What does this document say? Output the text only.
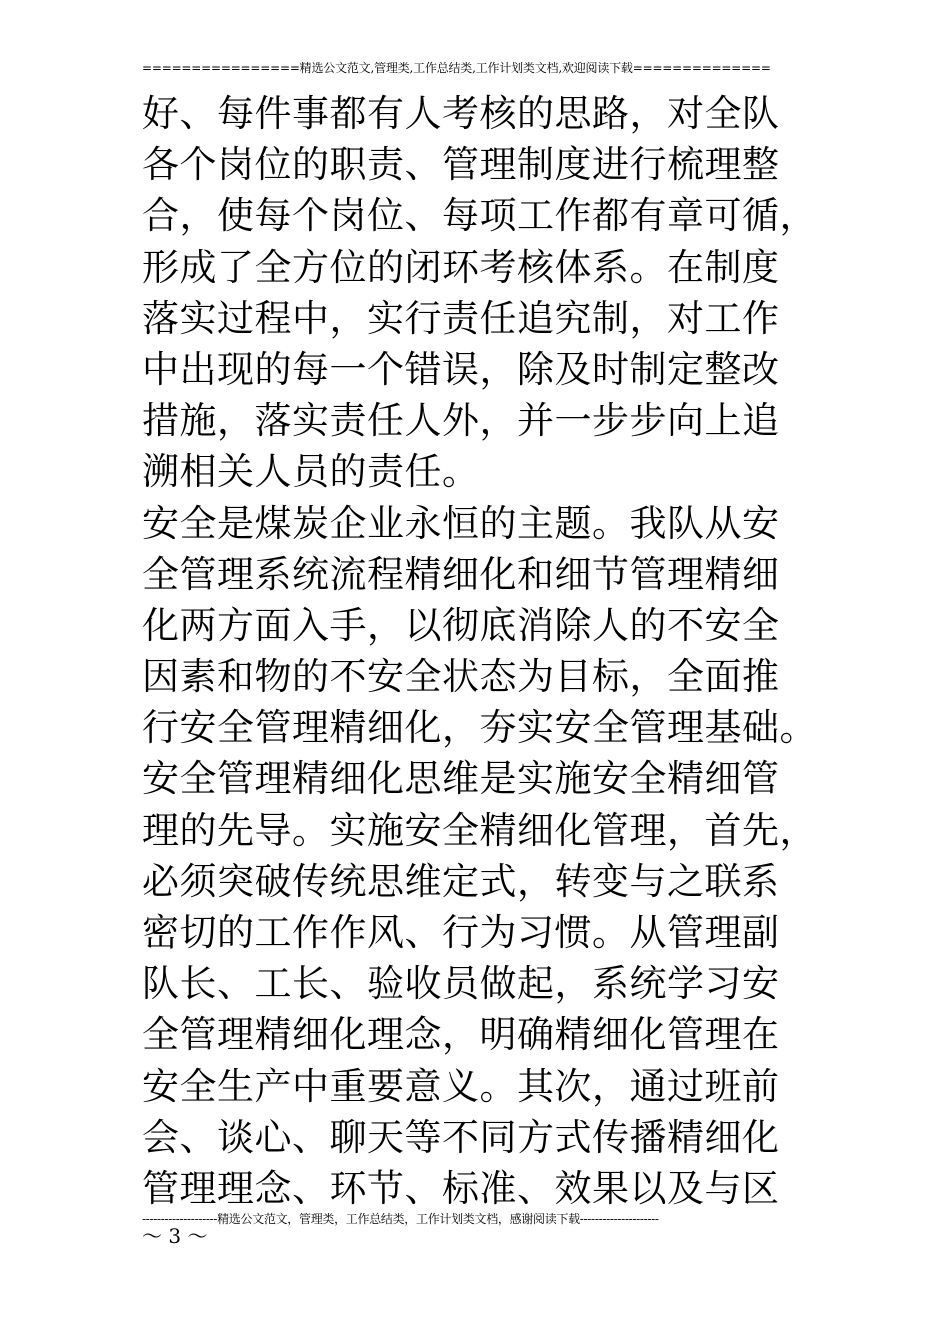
================精选公文范文,管理类,工作总结类,工作计划类文档,欢迎阅读下载==============
好、每件事都有人考核的思路，对全队
各个岗位的职责、管理制度进行梳理整
合，使每个岗位、每项工作都有章可循，
形成了全方位的闭环考核体系。在制度
落实过程中，实行责任追究制，对工作
中出现的每一个错误，除及时制定整改
措施，落实责任人外，并一步步向上追
溯相关人员的责任。
安全是煤炭企业永恒的主题。我队从安
全管理系统流程精细化和细节管理精细
化两方面入手，以彻底消除人的不安全
因素和物的不安全状态为目标，全面推
行安全管理精细化，夯实安全管理基础。
安全管理精细化思维是实施安全精细管
理的先导。实施安全精细化管理，首先，
必须突破传统思维定式，转变与之联系
密切的工作作风、行为习惯。从管理副
队长、工长、验收员做起，系统学习安
全管理精细化理念，明确精细化管理在
安全生产中重要意义。其次，通过班前
会、谈心、聊天等不同方式传播精细化
管理理念、环节、标准、效果以及与区
--------------------精选公文范文，管理类，工作总结类，工作计划类文档，感谢阅读下载---------------------
～ 3 ～
